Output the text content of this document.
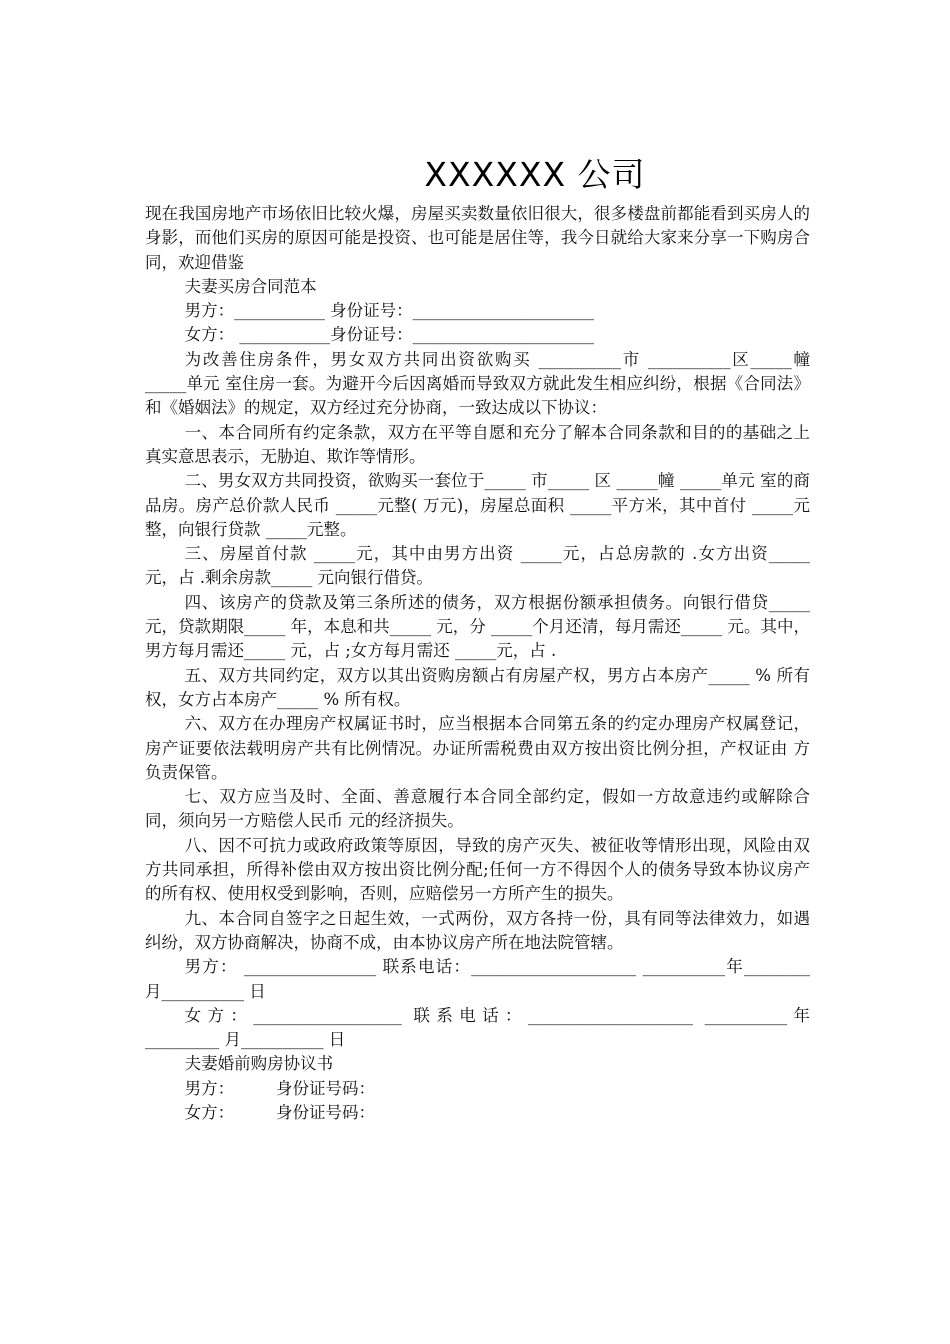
XXXXXX 公司

现在我国房地产市场依旧比较火爆，房屋买卖数量依旧很大，很多楼盘前都能看到买房人的身影，而他们买房的原因可能是投资、也可能是居住等，我今日就给大家来分享一下购房合同，欢迎借鉴

夫妻买房合同范本

男方：___________ 身份证号：______________________

女方： ___________身份证号：______________________

为改善住房条件，男女双方共同出资欲购买 __________市 __________区_____幢 _____单元 室住房一套。为避开今后因离婚而导致双方就此发生相应纠纷，根据《合同法》和《婚姻法》的规定，双方经过充分协商，一致达成以下协议：

一、本合同所有约定条款，双方在平等自愿和充分了解本合同条款和目的的基础之上真实意思表示，无胁迫、欺诈等情形。

二、男女双方共同投资，欲购买一套位于_____ 市_____ 区 _____幢 _____单元 室的商品房。房产总价款人民币 _____元整( 万元)，房屋总面积 _____平方米，其中首付 _____元整，向银行贷款 _____元整。

三、房屋首付款 _____元，其中由男方出资 _____元，占总房款的 .女方出资_____ 元，占 .剩余房款_____ 元向银行借贷。

四、该房产的贷款及第三条所述的债务，双方根据份额承担债务。向银行借贷_____ 元，贷款期限_____ 年，本息和共_____ 元，分 _____个月还清，每月需还_____ 元。其中，男方每月需还_____ 元，占 ;女方每月需还 _____元，占 .

五、双方共同约定，双方以其出资购房额占有房屋产权，男方占本房产_____ % 所有权，女方占本房产_____ % 所有权。

六、双方在办理房产权属证书时，应当根据本合同第五条的约定办理房产权属登记，房产证要依法载明房产共有比例情况。办证所需税费由双方按出资比例分担，产权证由 方负责保管。

七、双方应当及时、全面、善意履行本合同全部约定，假如一方故意违约或解除合同，须向另一方赔偿人民币 元的经济损失。

八、因不可抗力或政府政策等原因，导致的房产灭失、被征收等情形出现，风险由双方共同承担，所得补偿由双方按出资比例分配;任何一方不得因个人的债务导致本协议房产的所有权、使用权受到影响，否则，应赔偿另一方所产生的损失。

九、本合同自签字之日起生效，一式两份，双方各持一份，具有同等法律效力，如遇纠纷，双方协商解决，协商不成，由本协议房产所在地法院管辖。

男方： ________________ 联系电话：____________________ __________年________ 月__________ 日

女方：__________________ 联系电话：____________________ __________年_________ 月__________ 日

夫妻婚前购房协议书

男方：        身份证号码：

女方：        身份证号码：
